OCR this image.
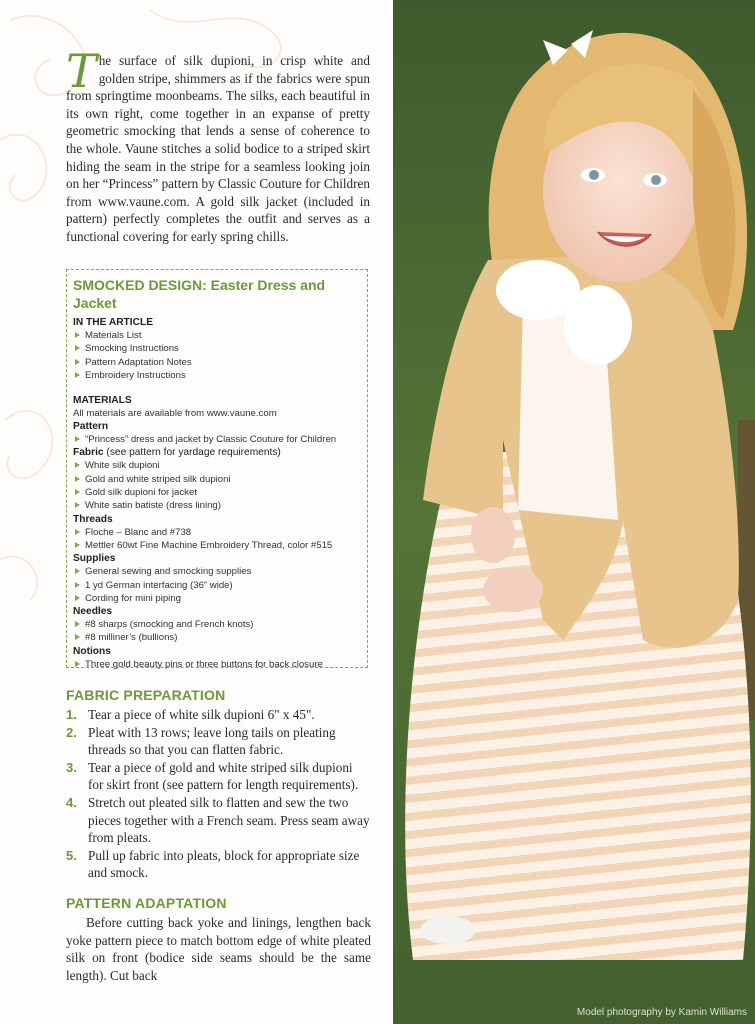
The surface of silk dupioni, in crisp white and golden stripe, shimmers as if the fabrics were spun from springtime moonbeams. The silks, each beautiful in its own right, come together in an expanse of pretty geometric smocking that lends a sense of coherence to the whole. Vaune stitches a solid bodice to a striped skirt hiding the seam in the stripe for a seamless looking join on her “Princess” pattern by Classic Couture for Children from www.vaune.com. A gold silk jacket (included in pattern) perfectly completes the outfit and serves as a functional covering for early spring chills.

SMOCKED DESIGN: Easter Dress and Jacket
IN THE ARTICLE
Materials List
Smocking Instructions
Pattern Adaptation Notes
Embroidery Instructions
MATERIALS
All materials are available from www.vaune.com
Pattern
“Princess” dress and jacket by Classic Couture for Children
Fabric (see pattern for yardage requirements)
White silk dupioni
Gold and white striped silk dupioni
Gold silk dupioni for jacket
White satin batiste (dress lining)
Threads
Floche – Blanc and #738
Mettler 60wt Fine Machine Embroidery Thread, color #515
Supplies
General sewing and smocking supplies
1 yd German interfacing (36” wide)
Cording for mini piping
Needles
#8 sharps (smocking and French knots)
#8 milliner’s (bullions)
Notions
Three gold beauty pins or three buttons for back closure
FABRIC PREPARATION
1. Tear a piece of white silk dupioni 6" x 45".
2. Pleat with 13 rows; leave long tails on pleating threads so that you can flatten fabric.
3. Tear a piece of gold and white striped silk dupioni for skirt front (see pattern for length requirements).
4. Stretch out pleated silk to flatten and sew the two pieces together with a French seam. Press seam away from pleats.
5. Pull up fabric into pleats, block for appropriate size and smock.
PATTERN ADAPTATION

Before cutting back yoke and linings, lengthen back yoke pattern piece to match bottom edge of white pleated silk on front (bodice side seams should be the same length). Cut back

Model photography by Kamin Williams
